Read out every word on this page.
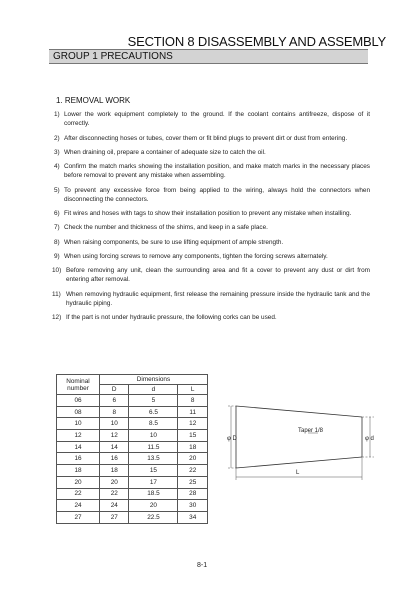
SECTION 8 DISASSEMBLY AND ASSEMBLY
GROUP 1 PRECAUTIONS
1. REMOVAL WORK
1) Lower the work equipment completely to the ground. If the coolant contains antifreeze, dispose of it correctly.
2) After disconnecting hoses or tubes, cover them or fit blind plugs to prevent dirt or dust from entering.
3) When draining oil, prepare a container of adequate size to catch the oil.
4) Confirm the match marks showing the installation position, and make match marks in the necessary places before removal to prevent any mistake when assembling.
5) To prevent any excessive force from being applied to the wiring, always hold the connectors when disconnecting the connectors.
6) Fit wires and hoses with tags to show their installation position to prevent any mistake when installing.
7) Check the number and thickness of the shims, and keep in a safe place.
8) When raising components, be sure to use lifting equipment of ample strength.
9) When using forcing screws to remove any components, tighten the forcing screws alternately.
10) Before removing any unit, clean the surrounding area and fit a cover to prevent any dust or dirt from entering after removal.
11) When removing hydraulic equipment, first release the remaining pressure inside the hydraulic tank and the hydraulic piping.
12) If the part is not under hydraulic pressure, the following corks can be used.
Nominal number	Dimensions		
	D	d	L
06	6	5	8
08	8	6.5	11
10	10	8.5	12
12	12	10	15
14	14	11.5	18
16	16	13.5	20
18	18	15	22
20	20	17	25
22	22	18.5	28
24	24	20	30
27	27	22.5	34
Taper 1/8
φ D	φ d
L
8-1
